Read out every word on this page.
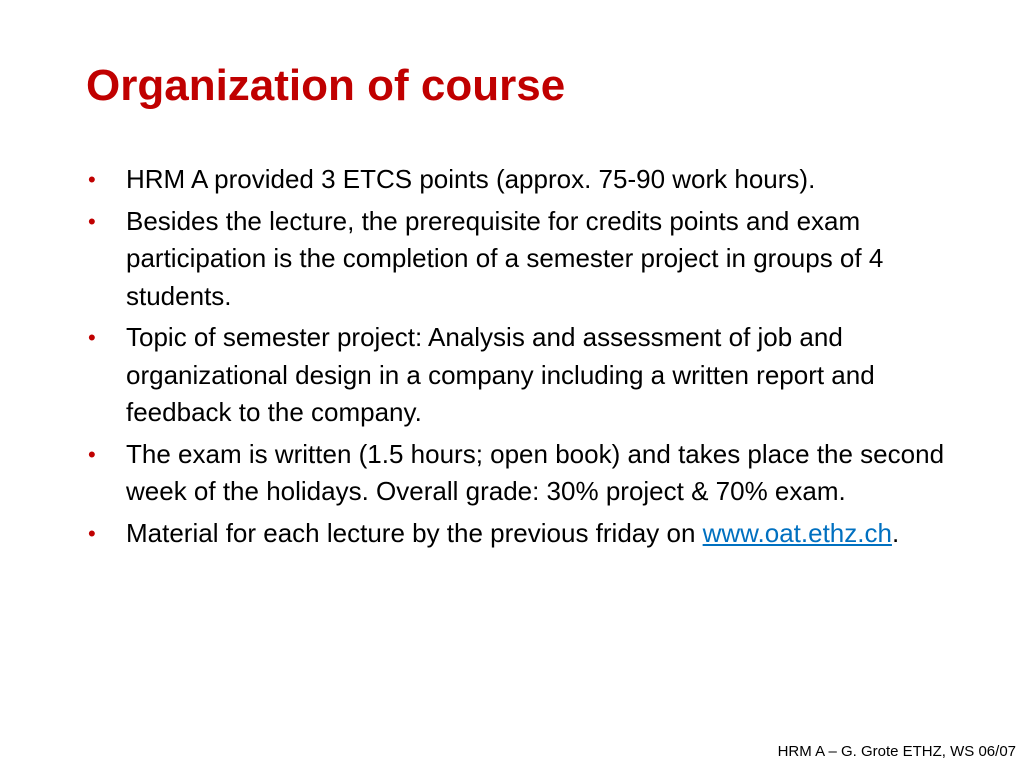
Organization of course
•	HRM A provided 3 ETCS points (approx. 75-90 work hours).
•	Besides the lecture, the prerequisite for credits points and exam participation is the completion of a semester project in groups of 4 students.
•	Topic of semester project: Analysis and assessment of job and organizational design in a company including a written report and feedback to the company.
•	The exam is written (1.5 hours; open book) and takes place the second week of the holidays. Overall grade: 30% project & 70% exam.
•	Material for each lecture by the previous friday on www.oat.ethz.ch.
HRM A – G. Grote ETHZ, WS 06/07
